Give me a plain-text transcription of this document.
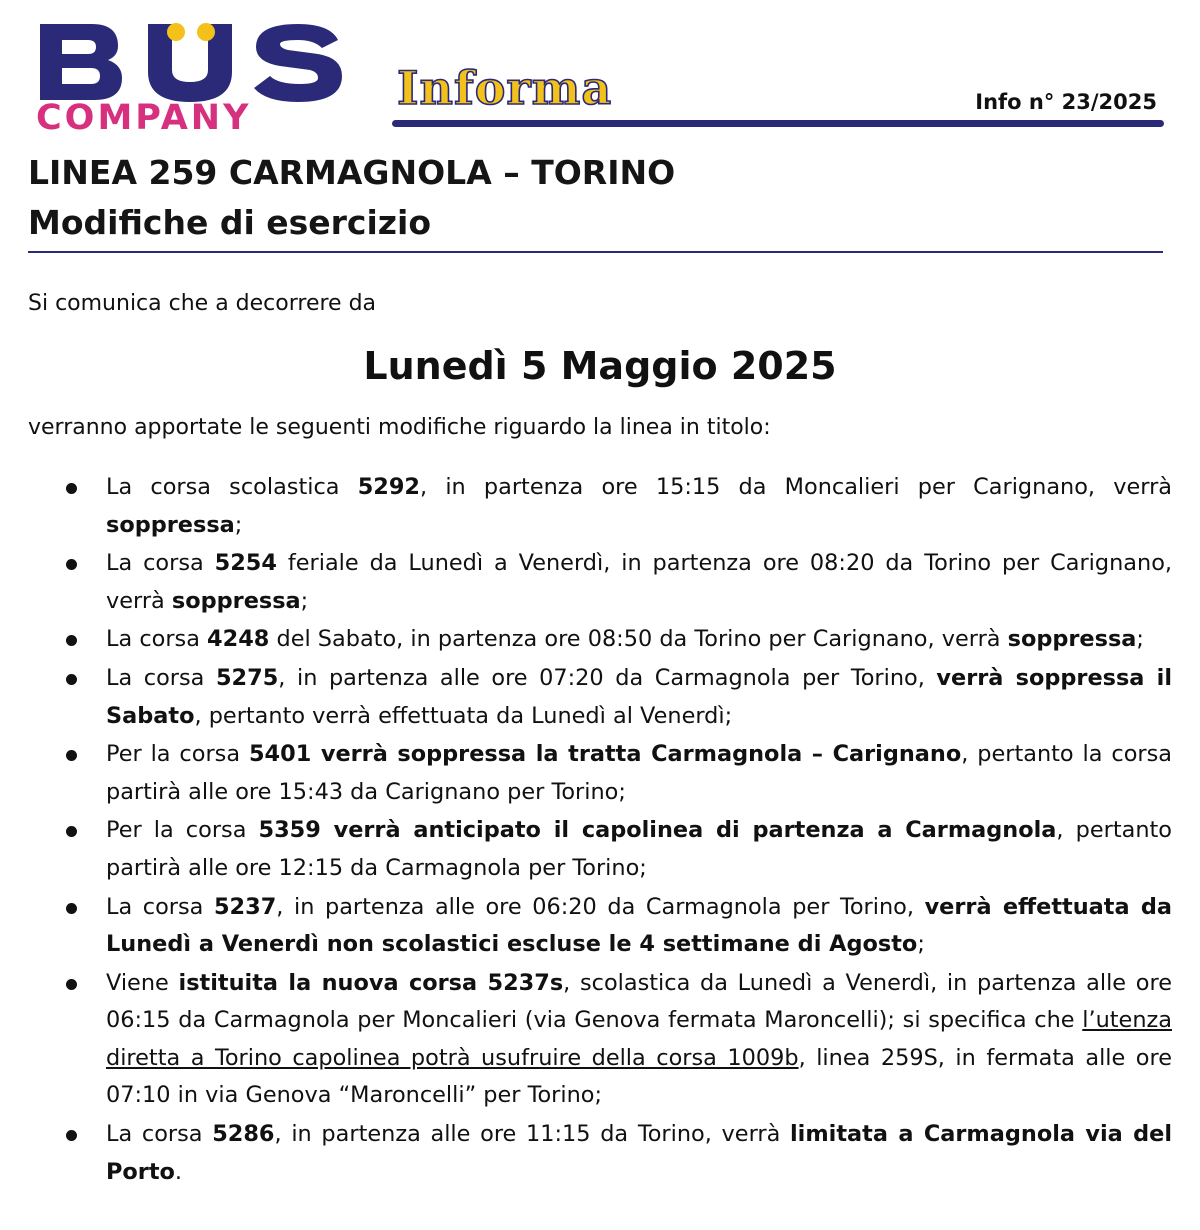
COMPANY
Informa	Info n° 23/2025
LINEA 259 CARMAGNOLA – TORINO
Modifiche di esercizio

Si comunica che a decorrere da

Lunedì 5 Maggio 2025

verranno apportate le seguenti modifiche riguardo la linea in titolo:

La corsa scolastica 5292, in partenza ore 15:15 da Moncalieri per Carignano, verrà soppressa;
La corsa 5254 feriale da Lunedì a Venerdì, in partenza ore 08:20 da Torino per Carignano, verrà soppressa;
La corsa 4248 del Sabato, in partenza ore 08:50 da Torino per Carignano, verrà soppressa;
La corsa 5275, in partenza alle ore 07:20 da Carmagnola per Torino, verrà soppressa il Sabato, pertanto verrà effettuata da Lunedì al Venerdì;
Per la corsa 5401 verrà soppressa la tratta Carmagnola – Carignano, pertanto la corsa partirà alle ore 15:43 da Carignano per Torino;
Per la corsa 5359 verrà anticipato il capolinea di partenza a Carmagnola, pertanto partirà alle ore 12:15 da Carmagnola per Torino;
La corsa 5237, in partenza alle ore 06:20 da Carmagnola per Torino, verrà effettuata da Lunedì a Venerdì non scolastici escluse le 4 settimane di Agosto;
Viene istituita la nuova corsa 5237s, scolastica da Lunedì a Venerdì, in partenza alle ore 06:15 da Carmagnola per Moncalieri (via Genova fermata Maroncelli); si specifica che l’utenza diretta a Torino capolinea potrà usufruire della corsa 1009b, linea 259S, in fermata alle ore 07:10 in via Genova “Maroncelli” per Torino;
La corsa 5286, in partenza alle ore 11:15 da Torino, verrà limitata a Carmagnola via del Porto.
